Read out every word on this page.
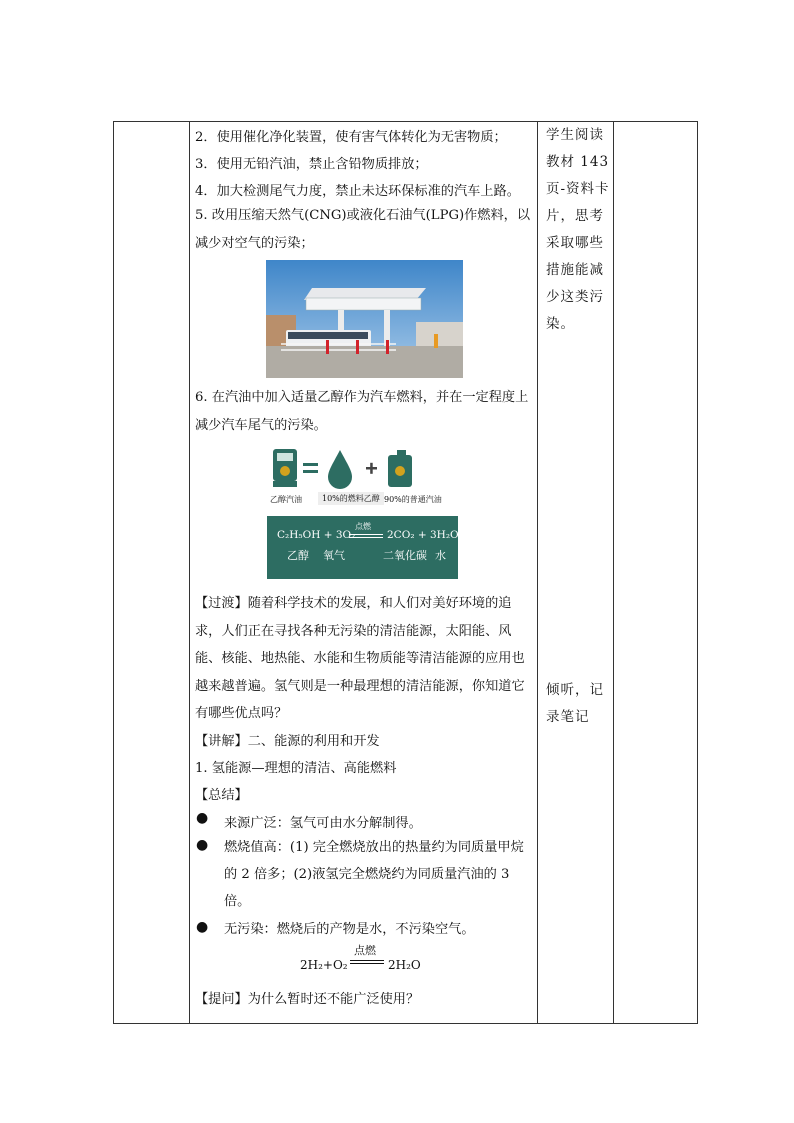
2．使用催化净化装置，使有害气体转化为无害物质；
3．使用无铅汽油，禁止含铅物质排放；
4．加大检测尾气力度，禁止未达环保标准的汽车上路。
5. 改用压缩天然气(CNG)或液化石油气(LPG)作燃料，以减少对空气的污染；
6. 在汽油中加入适量乙醇作为汽车燃料，并在一定程度上减少汽车尾气的污染。
乙醇汽油	10%的燃料乙醇 90%的普通汽油
C₂H₅OH + 3O₂
点燃
2CO₂ + 3H₂O
乙醇 氧气	二氧化碳 水
【过渡】随着科学技术的发展，和人们对美好环境的追求，人们正在寻找各种无污染的清洁能源，太阳能、风能、核能、地热能、水能和生物质能等清洁能源的应用也越来越普遍。氢气则是一种最理想的清洁能源，你知道它有哪些优点吗？
【讲解】二、能源的利用和开发
1. 氢能源—理想的清洁、高能燃料
【总结】
● 来源广泛：氢气可由水分解制得。
● 燃烧值高：(1) 完全燃烧放出的热量约为同质量甲烷的 2 倍多；(2)液氢完全燃烧约为同质量汽油的 3 倍。
● 无污染：燃烧后的产物是水，不污染空气。
2H₂+O₂
点燃
2H₂O
【提问】为什么暂时还不能广泛使用？
学生阅读教材 143 页-资料卡片，思考采取哪些措施能减少这类污染。
倾听，记录笔记
